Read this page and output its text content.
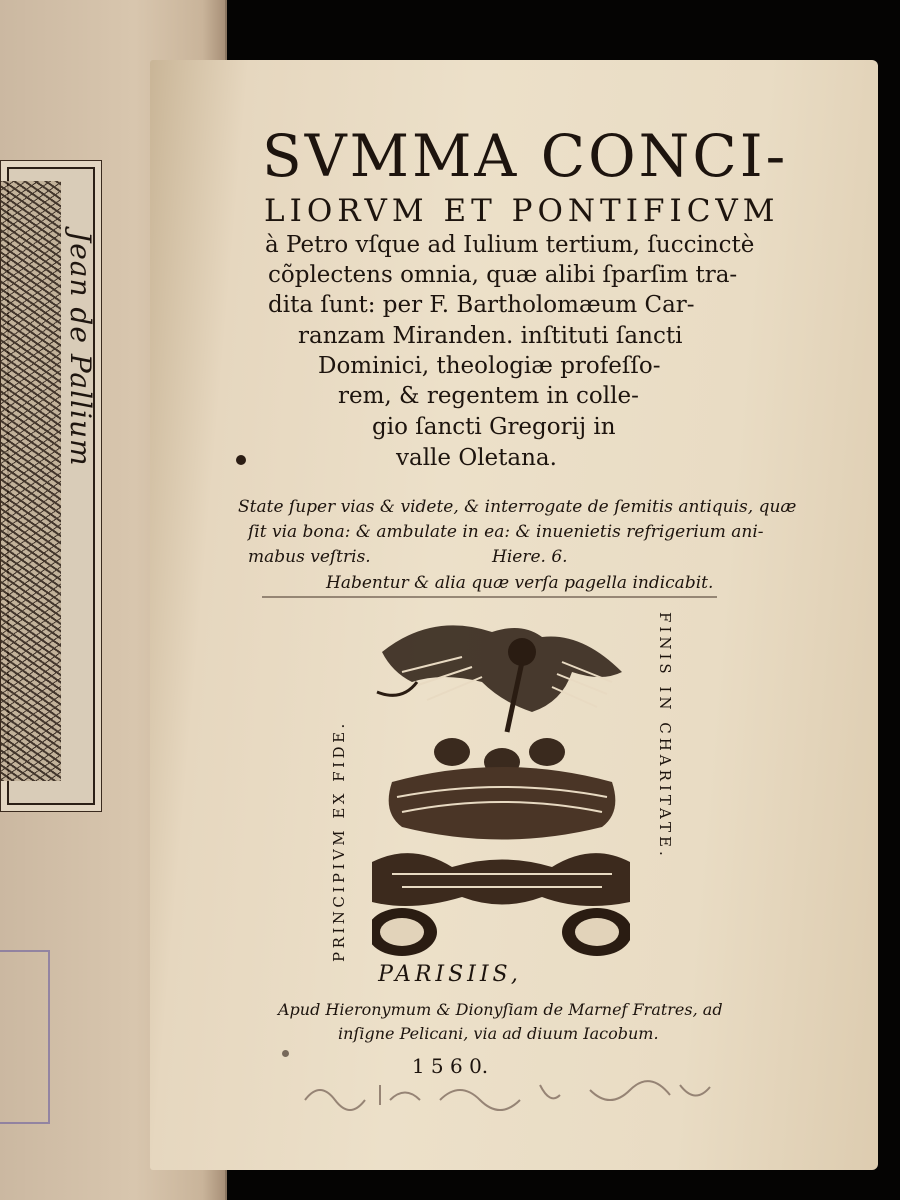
Jean de Pallium
SVMMA CONCI-
LIORVM ET PONTIFICVM
à Petro vſque ad Iulium tertium, ſuccinctè
cõplectens omnia, quæ alibi ſparſim tra-
dita ſunt: per F. Bartholomæum Car-
ranzam Miranden. inſtituti ſancti
Dominici, theologiæ profeſſo-
rem, & regentem in colle-
gio ſancti Gregorij in
valle Oletana.
State ſuper vias & videte, & interrogate de ſemitis antiquis, quæ
ſit via bona: & ambulate in ea: & inuenietis refrigerium ani-
mabus veſtris.	Hiere. 6.
Habentur & alia quæ verſa pagella indicabit.
PRINCIPIVM EX FIDE.	FINIS IN CHARITATE.
PARISIIS,
Apud Hieronymum & Dionyſiam de Marnef Fratres, ad
inſigne Pelicani, via ad diuum Iacobum.
1 5 6 0.
